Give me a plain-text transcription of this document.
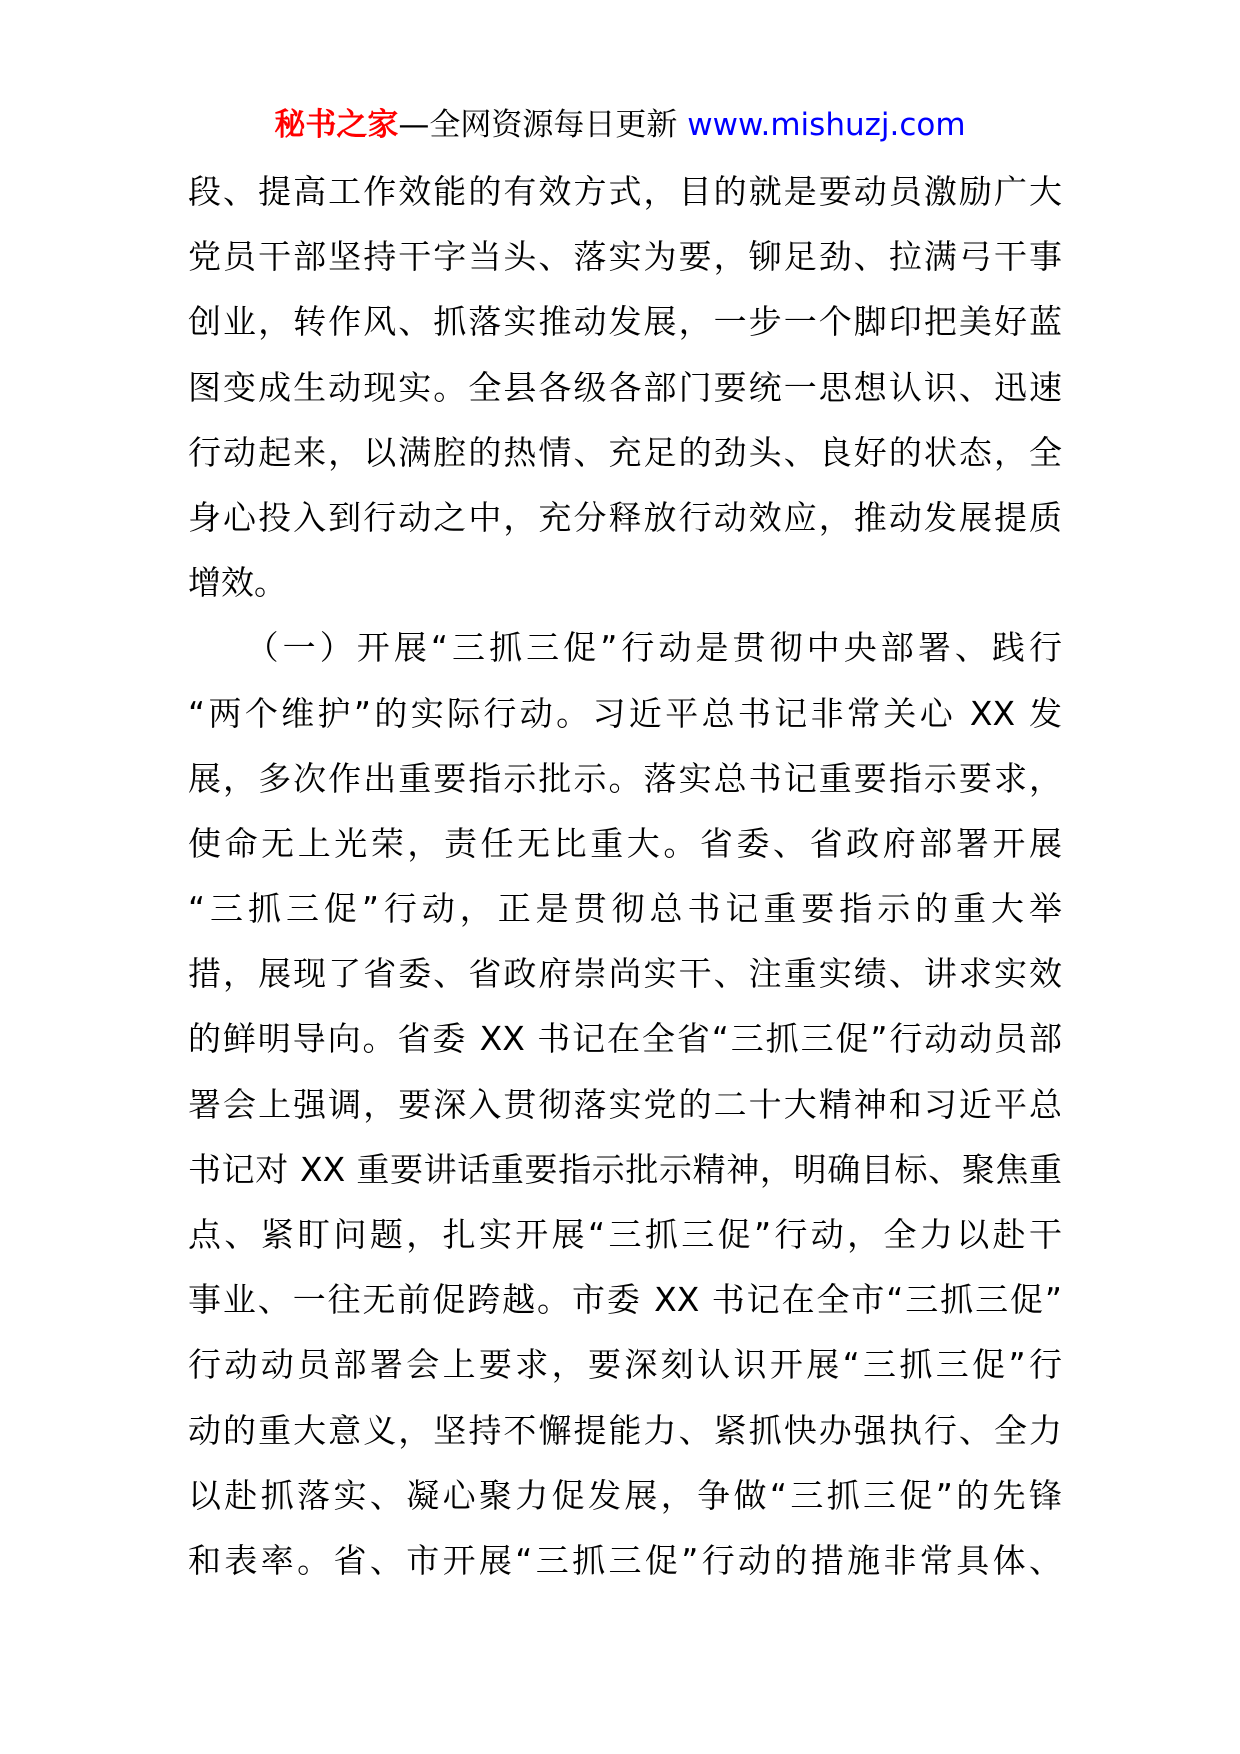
秘书之家—全网资源每日更新 www.mishuzj.com
段、提高工作效能的有效方式，目的就是要动员激励广大
党员干部坚持干字当头、落实为要，铆足劲、拉满弓干事
创业，转作风、抓落实推动发展，一步一个脚印把美好蓝
图变成生动现实。全县各级各部门要统一思想认识、迅速
行动起来，以满腔的热情、充足的劲头、良好的状态，全
身心投入到行动之中，充分释放行动效应，推动发展提质
增效。
　　（一）开展“三抓三促”行动是贯彻中央部署、践行
“两个维护”的实际行动。习近平总书记非常关心 XX 发
展，多次作出重要指示批示。落实总书记重要指示要求，
使命无上光荣，责任无比重大。省委、省政府部署开展
“三抓三促”行动，正是贯彻总书记重要指示的重大举
措，展现了省委、省政府崇尚实干、注重实绩、讲求实效
的鲜明导向。省委 XX 书记在全省“三抓三促”行动动员部
署会上强调，要深入贯彻落实党的二十大精神和习近平总
书记对 XX 重要讲话重要指示批示精神，明确目标、聚焦重
点、紧盯问题，扎实开展“三抓三促”行动，全力以赴干
事业、一往无前促跨越。市委 XX 书记在全市“三抓三促”
行动动员部署会上要求，要深刻认识开展“三抓三促”行
动的重大意义，坚持不懈提能力、紧抓快办强执行、全力
以赴抓落实、凝心聚力促发展，争做“三抓三促”的先锋
和表率。省、市开展“三抓三促”行动的措施非常具体、
